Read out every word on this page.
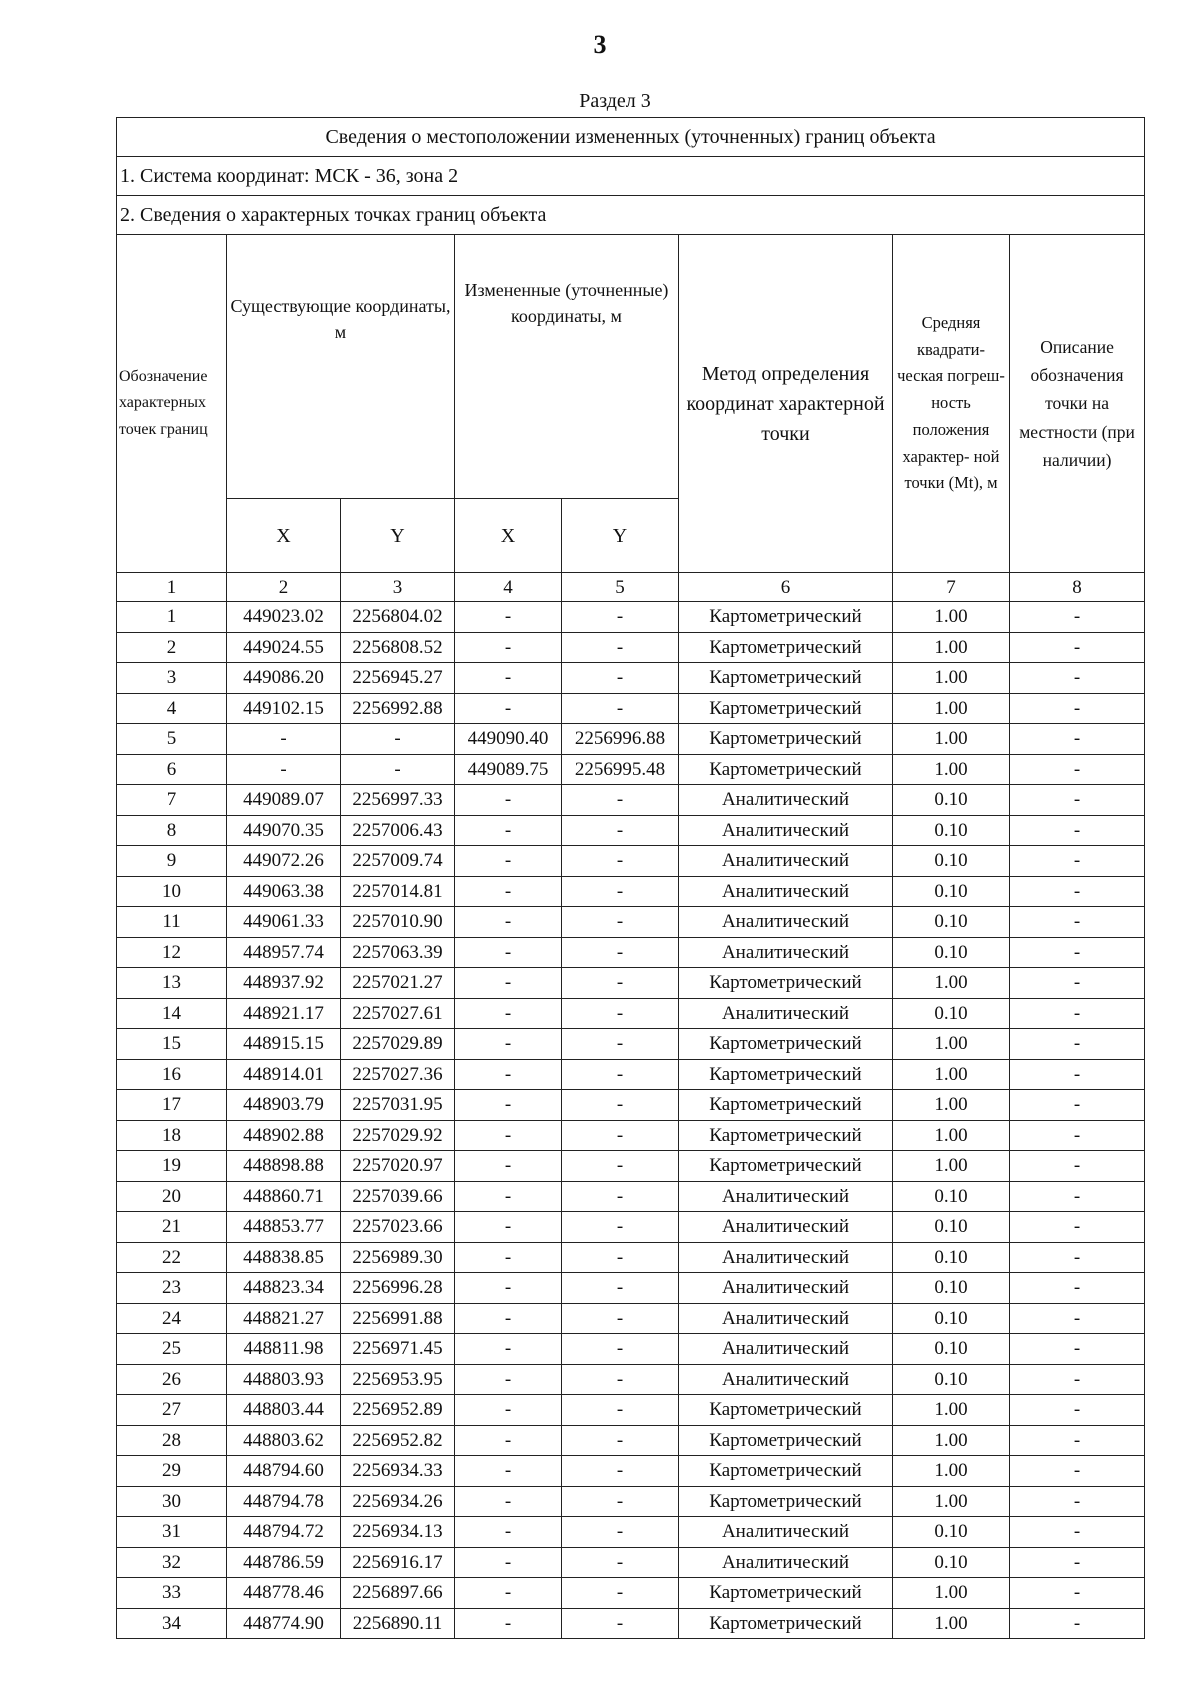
3
Раздел 3
Сведения о местоположении измененных (уточненных) границ объекта							
1. Система координат: МСК - 36, зона 2							
2. Сведения о характерных точках границ объекта							
Обозначение характерных точек границ	Существующие координаты, м		Измененные (уточненные) координаты, м		Метод определения координат характерной точки	Средняя квадрати- ческая погреш- ность положения характер- ной точки (Mt), м	Описание обозначения точки на местности (при наличии)
	X	Y	X	Y			
1	2	3	4	5	6	7	8
1	449023.02	2256804.02	-	-	Картометрический	1.00	-
2	449024.55	2256808.52	-	-	Картометрический	1.00	-
3	449086.20	2256945.27	-	-	Картометрический	1.00	-
4	449102.15	2256992.88	-	-	Картометрический	1.00	-
5	-	-	449090.40	2256996.88	Картометрический	1.00	-
6	-	-	449089.75	2256995.48	Картометрический	1.00	-
7	449089.07	2256997.33	-	-	Аналитический	0.10	-
8	449070.35	2257006.43	-	-	Аналитический	0.10	-
9	449072.26	2257009.74	-	-	Аналитический	0.10	-
10	449063.38	2257014.81	-	-	Аналитический	0.10	-
11	449061.33	2257010.90	-	-	Аналитический	0.10	-
12	448957.74	2257063.39	-	-	Аналитический	0.10	-
13	448937.92	2257021.27	-	-	Картометрический	1.00	-
14	448921.17	2257027.61	-	-	Аналитический	0.10	-
15	448915.15	2257029.89	-	-	Картометрический	1.00	-
16	448914.01	2257027.36	-	-	Картометрический	1.00	-
17	448903.79	2257031.95	-	-	Картометрический	1.00	-
18	448902.88	2257029.92	-	-	Картометрический	1.00	-
19	448898.88	2257020.97	-	-	Картометрический	1.00	-
20	448860.71	2257039.66	-	-	Аналитический	0.10	-
21	448853.77	2257023.66	-	-	Аналитический	0.10	-
22	448838.85	2256989.30	-	-	Аналитический	0.10	-
23	448823.34	2256996.28	-	-	Аналитический	0.10	-
24	448821.27	2256991.88	-	-	Аналитический	0.10	-
25	448811.98	2256971.45	-	-	Аналитический	0.10	-
26	448803.93	2256953.95	-	-	Аналитический	0.10	-
27	448803.44	2256952.89	-	-	Картометрический	1.00	-
28	448803.62	2256952.82	-	-	Картометрический	1.00	-
29	448794.60	2256934.33	-	-	Картометрический	1.00	-
30	448794.78	2256934.26	-	-	Картометрический	1.00	-
31	448794.72	2256934.13	-	-	Аналитический	0.10	-
32	448786.59	2256916.17	-	-	Аналитический	0.10	-
33	448778.46	2256897.66	-	-	Картометрический	1.00	-
34	448774.90	2256890.11	-	-	Картометрический	1.00	-
